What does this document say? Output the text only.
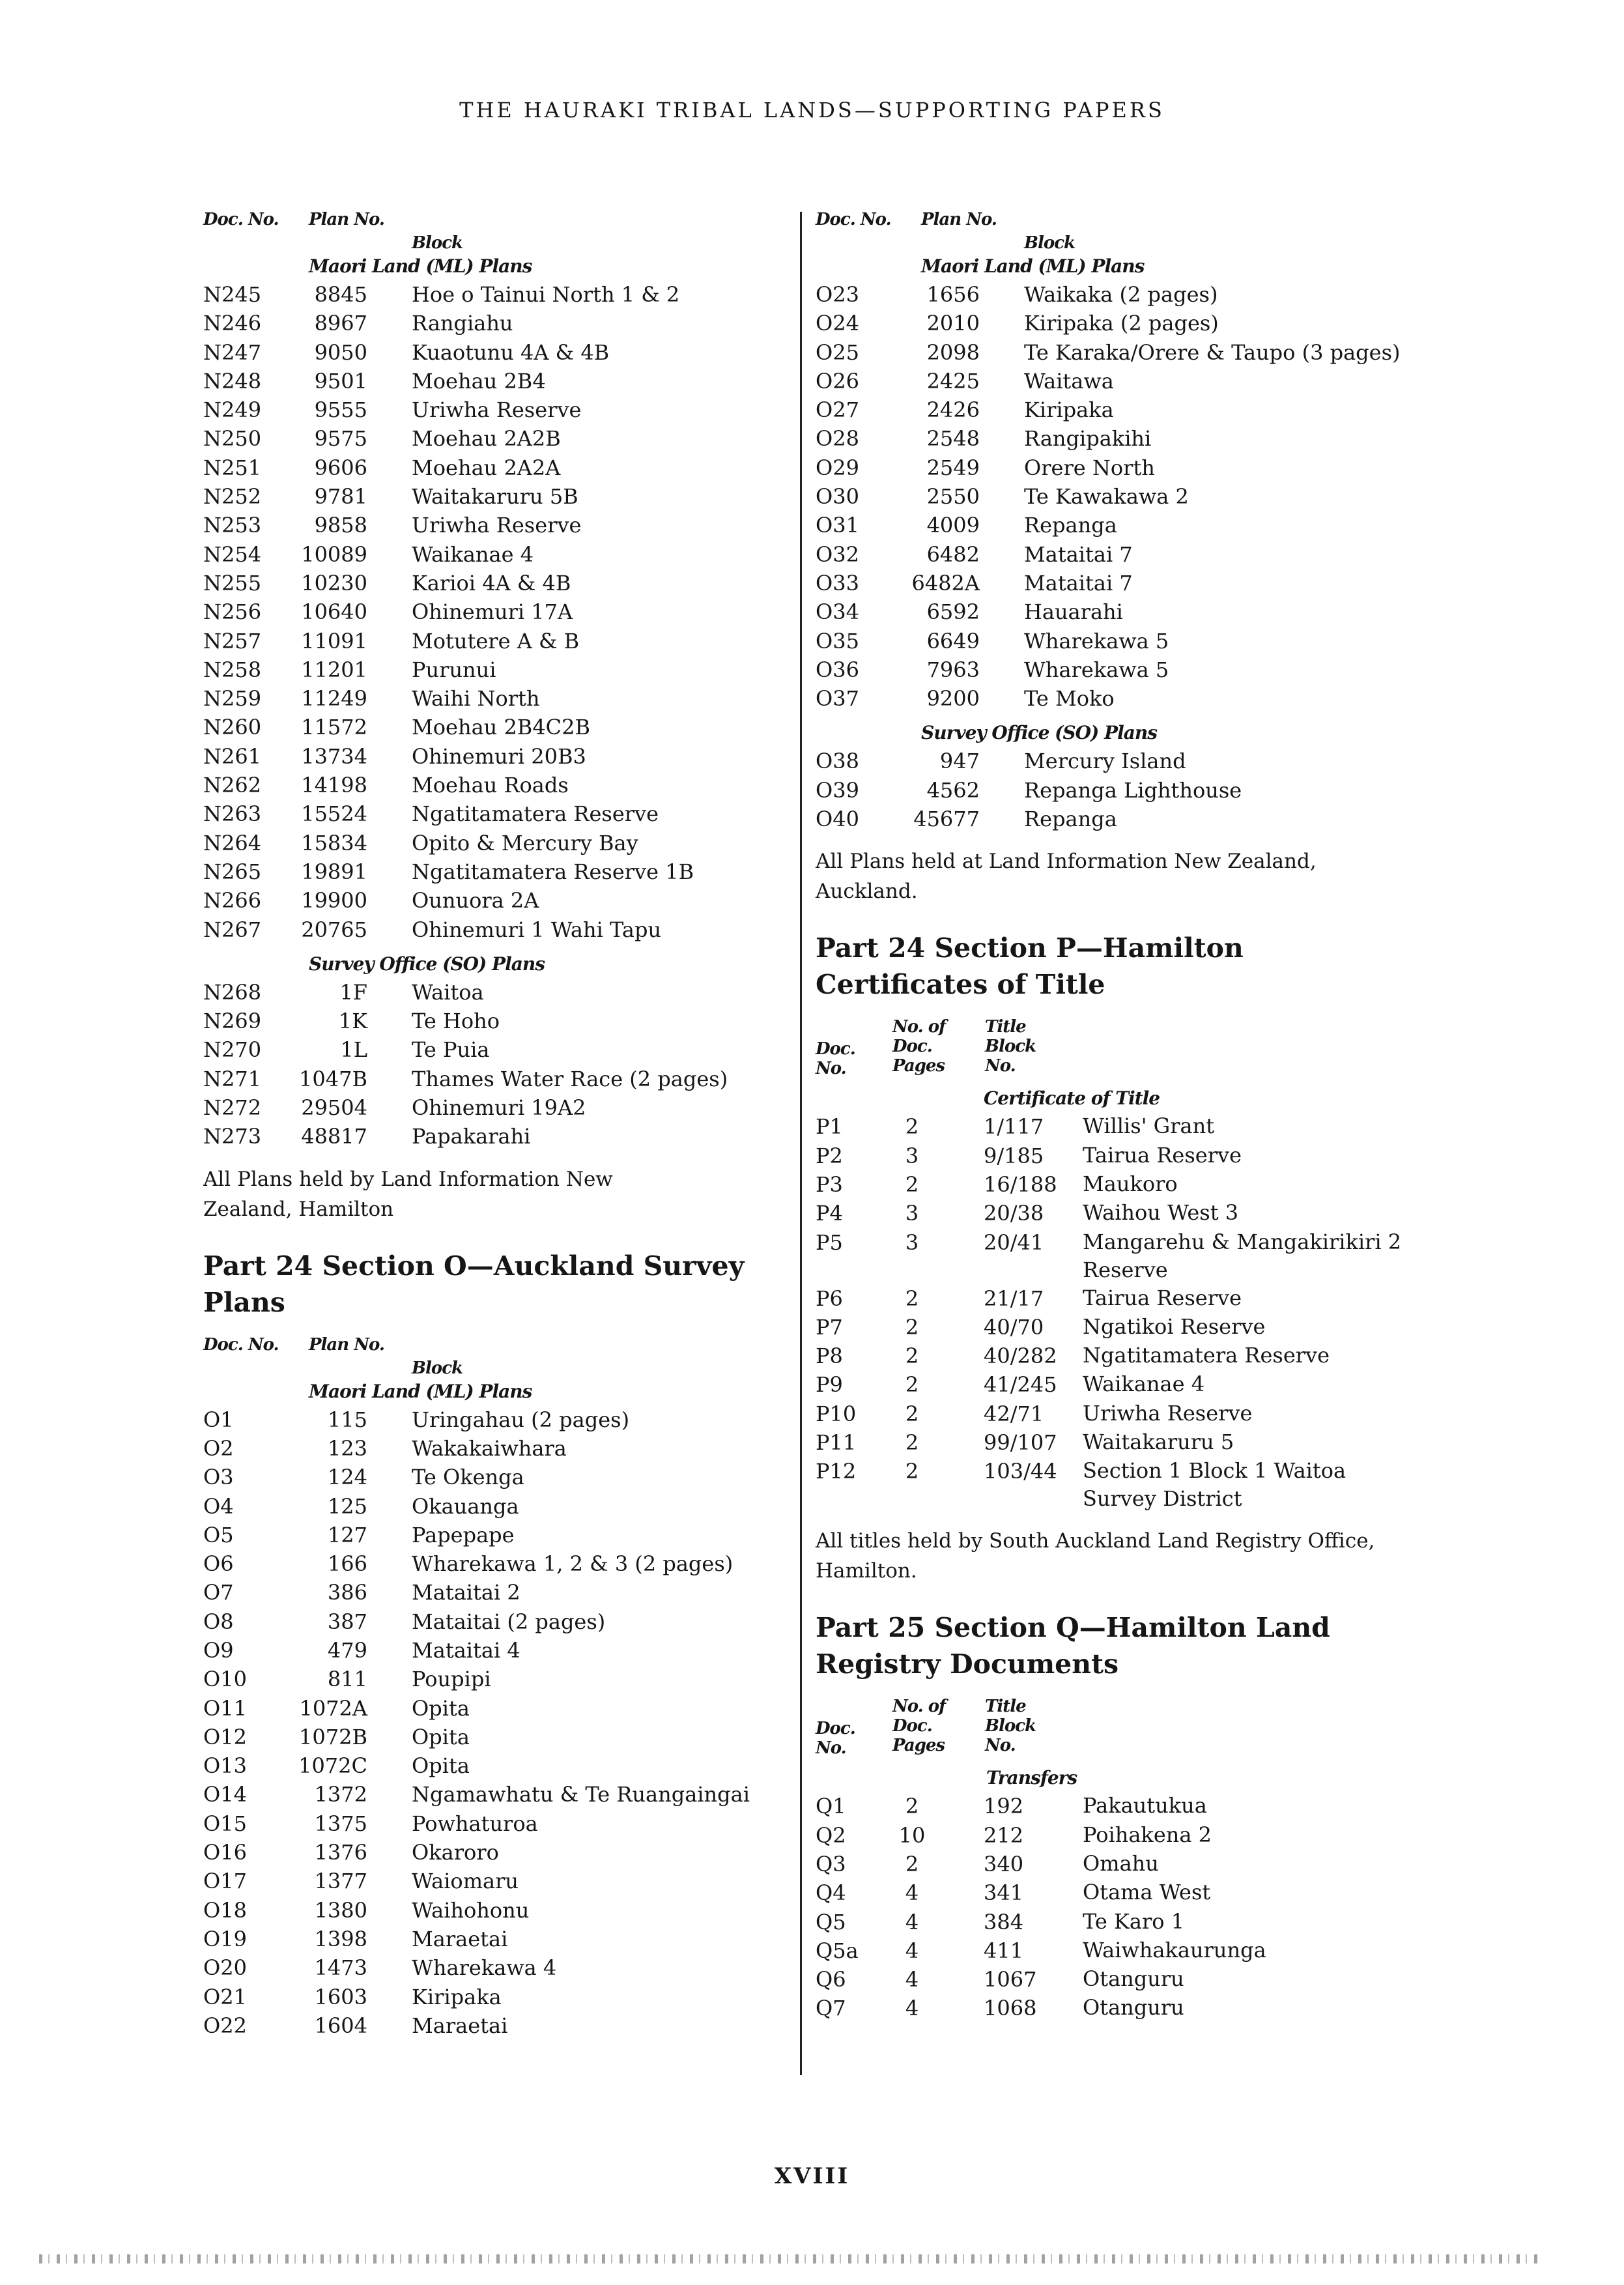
THE HAURAKI TRIBAL LANDS—SUPPORTING PAPERS
Doc. No. Plan No.
Block
Maori Land (ML) Plans
N245	8845 Hoe o Tainui North 1 & 2
N246	8967 Rangiahu
N247	9050 Kuaotunu 4A & 4B
N248	9501 Moehau 2B4
N249	9555 Uriwha Reserve
N250	9575 Moehau 2A2B
N251	9606 Moehau 2A2A
N252	9781 Waitakaruru 5B
N253	9858 Uriwha Reserve
N254	10089 Waikanae 4
N255	10230 Karioi 4A & 4B
N256	10640 Ohinemuri 17A
N257	11091 Motutere A & B
N258	11201 Purunui
N259	11249 Waihi North
N260	11572 Moehau 2B4C2B
N261	13734 Ohinemuri 20B3
N262	14198 Moehau Roads
N263	15524 Ngatitamatera Reserve
N264	15834 Opito & Mercury Bay
N265	19891 Ngatitamatera Reserve 1B
N266	19900 Ounuora 2A
N267	20765 Ohinemuri 1 Wahi Tapu
Survey Office (SO) Plans
N268	1F Waitoa
N269	1K Te Hoho
N270	1L Te Puia
N271	1047B Thames Water Race (2 pages)
N272	29504 Ohinemuri 19A2
N273	48817 Papakarahi
All Plans held by Land Information New Zealand, Hamilton
Part 24 Section O—Auckland Survey Plans
Doc. No. Plan No.
Block
Maori Land (ML) Plans
O1	115 Uringahau (2 pages)
O2	123 Wakakaiwhara
O3	124 Te Okenga
O4	125 Okauanga
O5	127 Papepape
O6	166 Wharekawa 1, 2 & 3 (2 pages)
O7	386 Mataitai 2
O8	387 Mataitai (2 pages)
O9	479 Mataitai 4
O10	811 Poupipi
O11	1072A Opita
O12	1072B Opita
O13	1072C Opita
O14	1372 Ngamawhatu & Te Ruangaingai
O15	1375 Powhaturoa
O16	1376 Okaroro
O17	1377 Waiomaru
O18	1380 Waihohonu
O19	1398 Maraetai
O20	1473 Wharekawa 4
O21	1603 Kiripaka
O22	1604 Maraetai
Doc. No. Plan No.
Block
Maori Land (ML) Plans
O23	1656 Waikaka (2 pages)
O24	2010 Kiripaka (2 pages)
O25	2098 Te Karaka/Orere & Taupo (3 pages)
O26	2425 Waitawa
O27	2426 Kiripaka
O28	2548 Rangipakihi
O29	2549 Orere North
O30	2550 Te Kawakawa 2
O31	4009 Repanga
O32	6482 Mataitai 7
O33	6482A Mataitai 7
O34	6592 Hauarahi
O35	6649 Wharekawa 5
O36	7963 Wharekawa 5
O37	9200 Te Moko
Survey Office (SO) Plans
O38	947 Mercury Island
O39	4562 Repanga Lighthouse
O40	45677 Repanga
All Plans held at Land Information New Zealand, Auckland.
Part 24 Section P—Hamilton Certificates of Title
Doc. No.
No. of Doc. Pages
Title Block No.
Certificate of Title
P1	2	1/117	Willis' Grant
P2	3	9/185	Tairua Reserve
P3	2	16/188	Maukoro
P4	3	20/38	Waihou West 3
P5	3	20/41	Mangarehu & Mangakirikiri 2 Reserve
P6	2	21/17	Tairua Reserve
P7	2	40/70	Ngatikoi Reserve
P8	2	40/282	Ngatitamatera Reserve
P9	2	41/245	Waikanae 4
P10	2	42/71	Uriwha Reserve
P11	2	99/107	Waitakaruru 5
P12	2	103/44	Section 1 Block 1 Waitoa Survey District
All titles held by South Auckland Land Registry Office, Hamilton.
Part 25 Section Q—Hamilton Land Registry Documents
Doc. No.
No. of Doc. Pages
Title Block No.
Transfers
Q1	2	192	Pakautukua
Q2	10	212	Poihakena 2
Q3	2	340	Omahu
Q4	4	341	Otama West
Q5	4	384	Te Karo 1
Q5a	4	411	Waiwhakaurunga
Q6	4	1067	Otanguru
Q7	4	1068	Otanguru
XVIII
